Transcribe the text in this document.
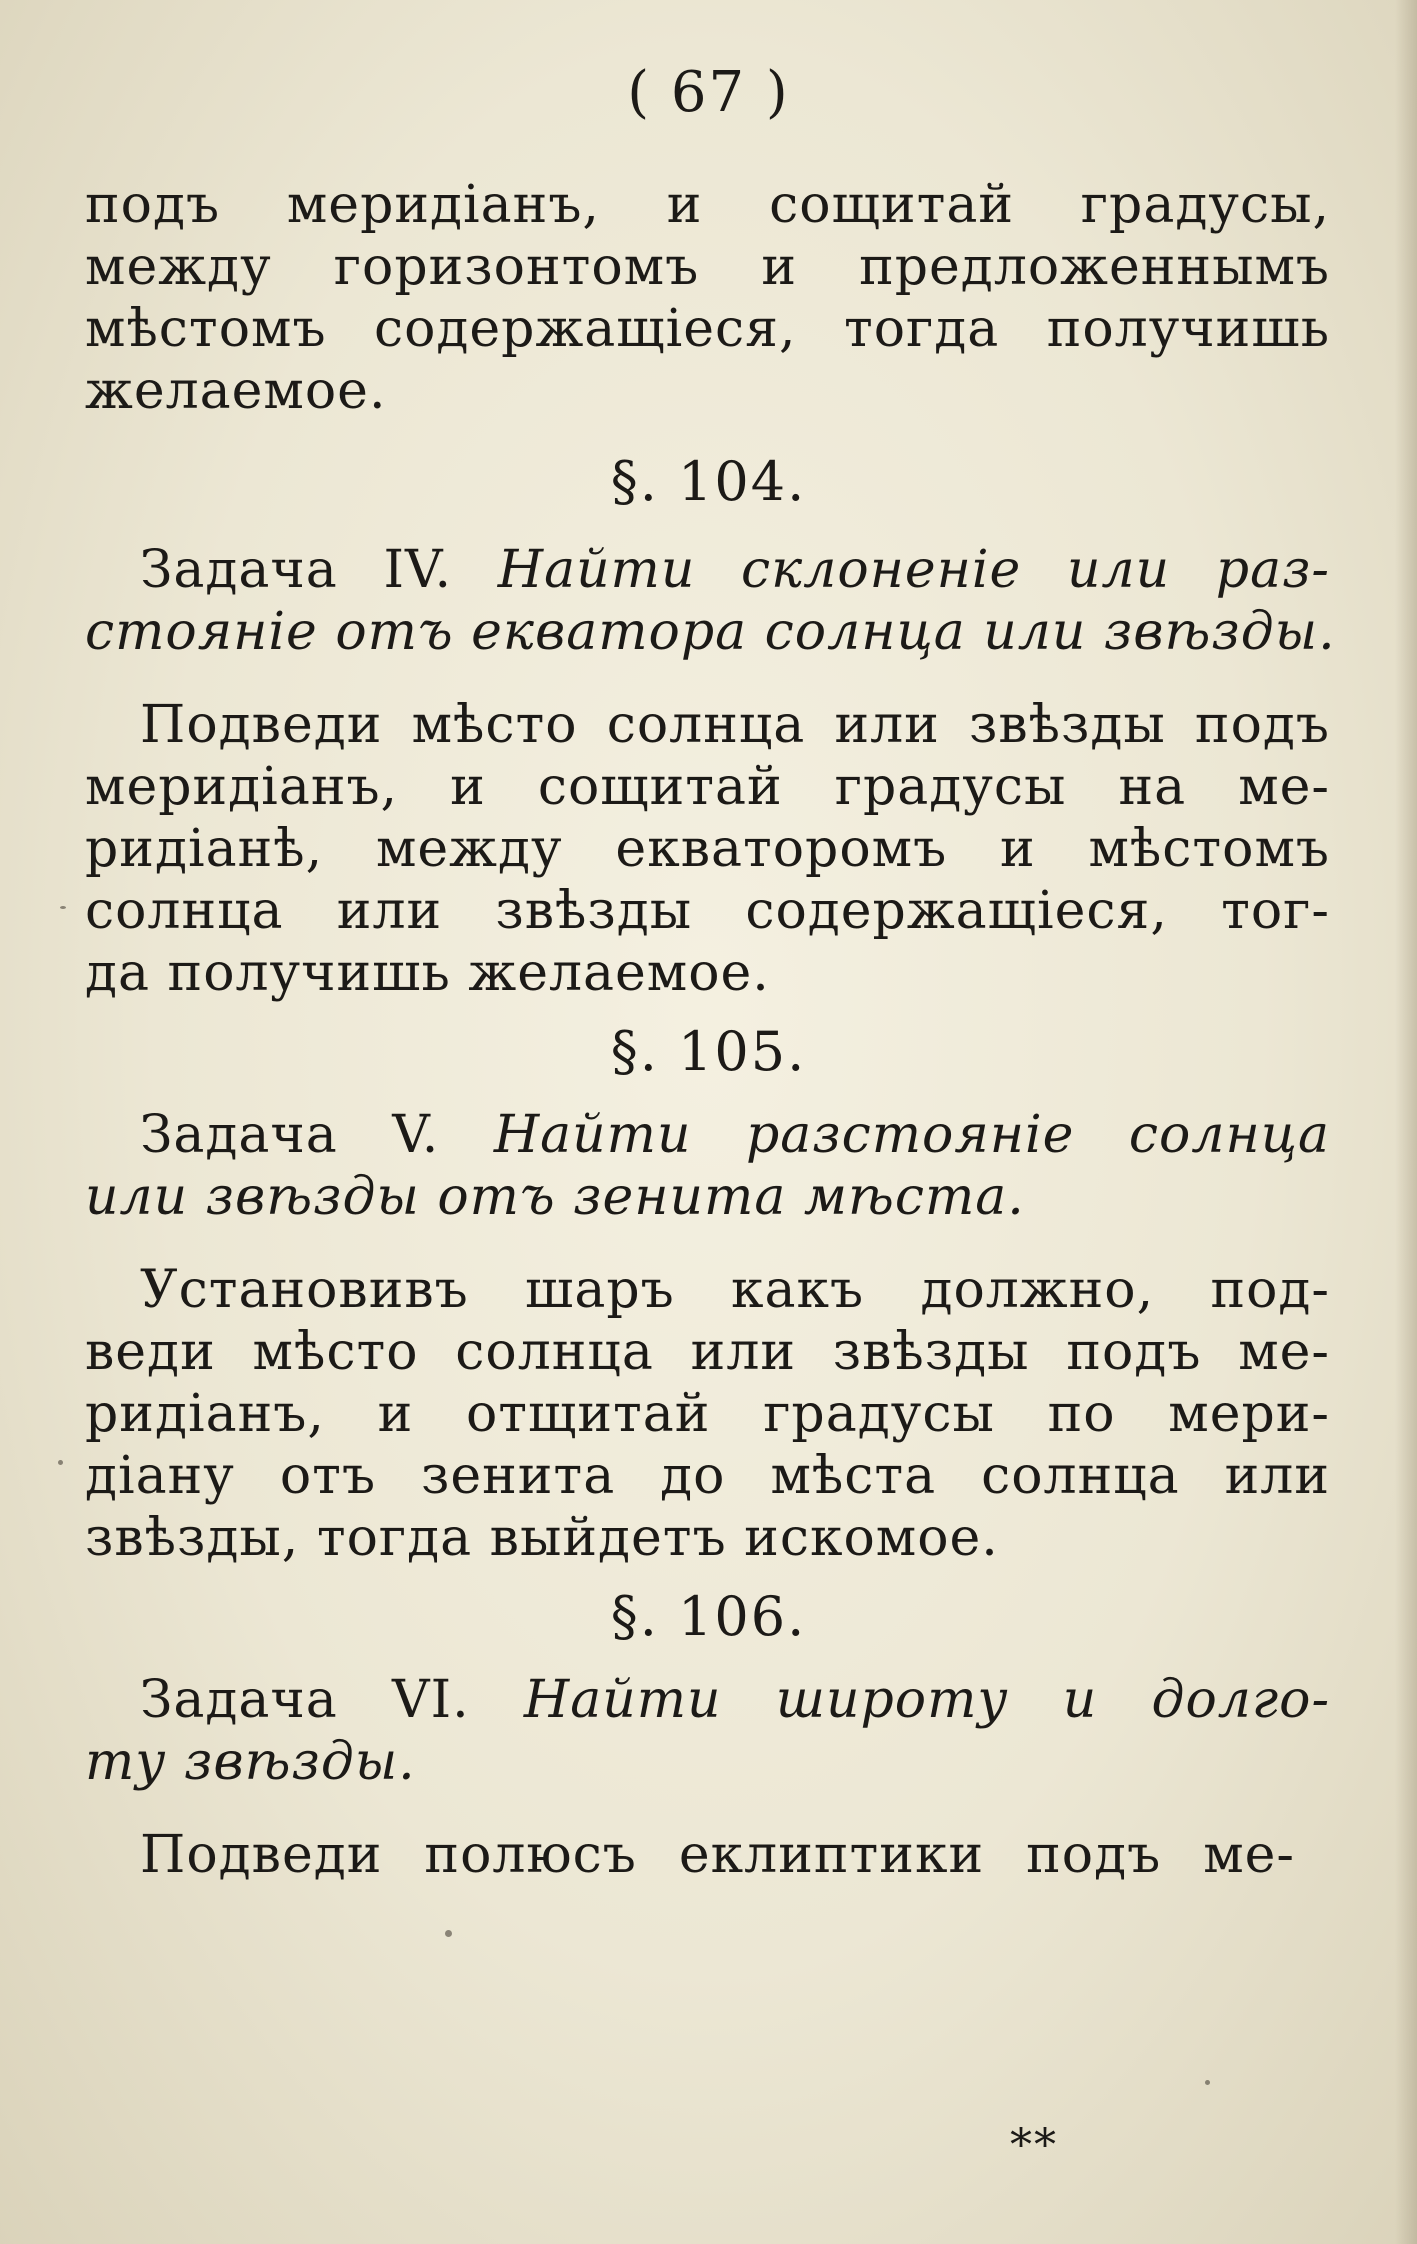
( 67 )
подъ меридiанъ, и сощитай градусы,
между горизонтомъ и предложеннымъ
мѣстомъ содержащiеся, тогда получишь
желаемое.
§. 104.
Задача IV. Найти склоненiе или раз-
стоянiе отъ екватора солнца или звѣзды.
Подведи мѣсто солнца или звѣзды подъ
меридiанъ, и сощитай градусы на ме-
ридiанѣ, между екваторомъ и мѣстомъ
солнца или звѣзды содержащiеся, тог-
да получишь желаемое.
§. 105.
Задача V. Найти разстоянiе солнца
или звѣзды отъ зенита мѣста.
Установивъ шаръ какъ должно, под-
веди мѣсто солнца или звѣзды подъ ме-
ридiанъ, и отщитай градусы по мери-
дiану отъ зенита до мѣста солнца или
звѣзды, тогда выйдетъ искомое.
§. 106.
Задача VI. Найти широту и долго-
ту звѣзды.
Подведи полюсъ еклиптики подъ ме-
**
